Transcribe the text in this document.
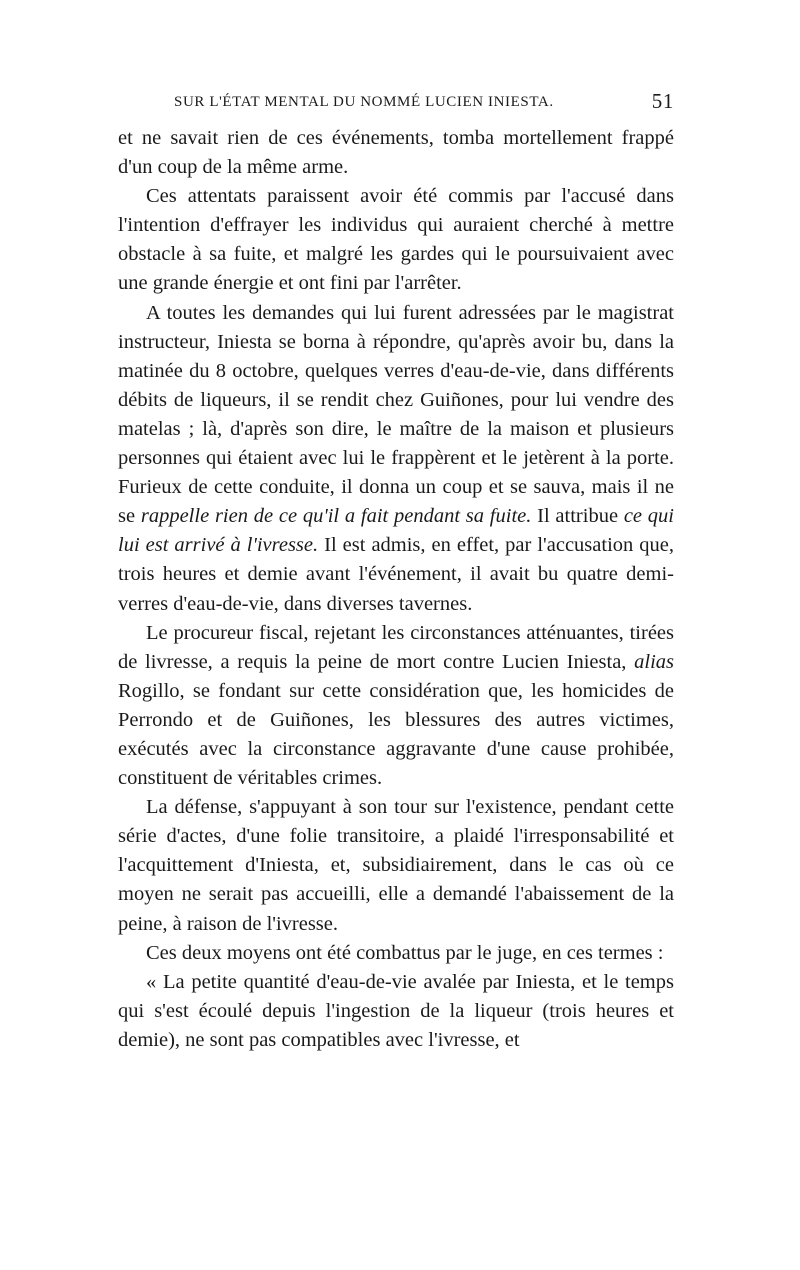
SUR L'ÉTAT MENTAL DU NOMMÉ LUCIEN INIESTA.	51

et ne savait rien de ces événements, tomba mortellement frappé d'un coup de la même arme.

Ces attentats paraissent avoir été commis par l'accusé dans l'intention d'effrayer les individus qui auraient cherché à mettre obstacle à sa fuite, et malgré les gardes qui le poursuivaient avec une grande énergie et ont fini par l'arrêter.

A toutes les demandes qui lui furent adressées par le magistrat instructeur, Iniesta se borna à répondre, qu'après avoir bu, dans la matinée du 8 octobre, quelques verres d'eau-de-vie, dans différents débits de liqueurs, il se rendit chez Guiñones, pour lui vendre des matelas ; là, d'après son dire, le maître de la maison et plusieurs personnes qui étaient avec lui le frappèrent et le jetèrent à la porte. Furieux de cette conduite, il donna un coup et se sauva, mais il ne se rappelle rien de ce qu'il a fait pendant sa fuite. Il attribue ce qui lui est arrivé à l'ivresse. Il est admis, en effet, par l'accusation que, trois heures et demie avant l'événement, il avait bu quatre demi-verres d'eau-de-vie, dans diverses tavernes.

Le procureur fiscal, rejetant les circonstances atténuantes, tirées de livresse, a requis la peine de mort contre Lucien Iniesta, alias Rogillo, se fondant sur cette considération que, les homicides de Perrondo et de Guiñones, les blessures des autres victimes, exécutés avec la circonstance aggravante d'une cause prohibée, constituent de véritables crimes.

La défense, s'appuyant à son tour sur l'existence, pendant cette série d'actes, d'une folie transitoire, a plaidé l'irresponsabilité et l'acquittement d'Iniesta, et, subsidiairement, dans le cas où ce moyen ne serait pas accueilli, elle a demandé l'abaissement de la peine, à raison de l'ivresse.

Ces deux moyens ont été combattus par le juge, en ces termes :

« La petite quantité d'eau-de-vie avalée par Iniesta, et le temps qui s'est écoulé depuis l'ingestion de la liqueur (trois heures et demie), ne sont pas compatibles avec l'ivresse, et
